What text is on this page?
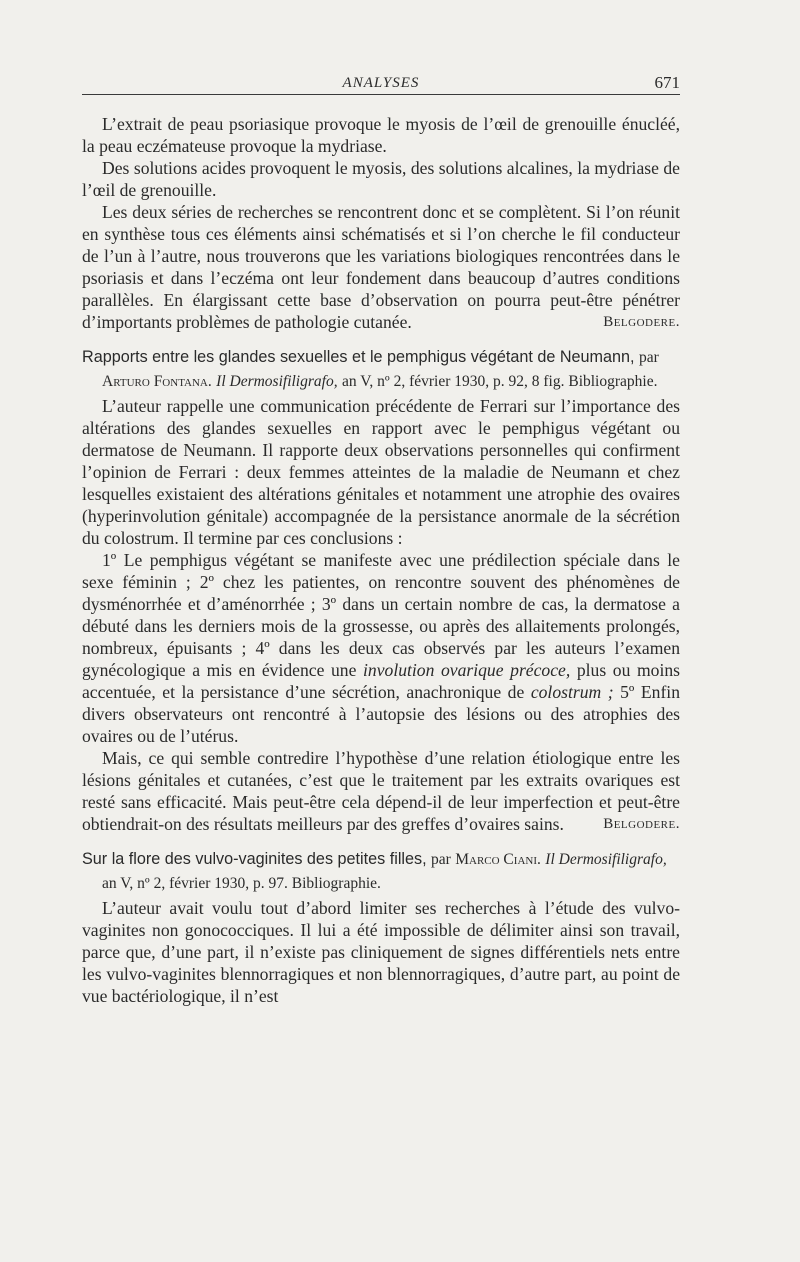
ANALYSES	671

L’extrait de peau psoriasique provoque le myosis de l’œil de grenouille énucléé, la peau eczémateuse provoque la mydriase.

Des solutions acides provoquent le myosis, des solutions alcalines, la mydriase de l’œil de grenouille.

Les deux séries de recherches se rencontrent donc et se complètent. Si l’on réunit en synthèse tous ces éléments ainsi schématisés et si l’on cherche le fil conducteur de l’un à l’autre, nous trouverons que les variations biologiques rencontrées dans le psoriasis et dans l’eczéma ont leur fondement dans beaucoup d’autres conditions parallèles. En élargissant cette base d’observation on pourra peut-être pénétrer d’importants problèmes de pathologie cutanée.	Belgodere.

Rapports entre les glandes sexuelles et le pemphigus végétant de Neumann, par Arturo Fontana. Il Dermosifiligrafo, an V, nº 2, février 1930, p. 92, 8 fig. Bibliographie.

L’auteur rappelle une communication précédente de Ferrari sur l’importance des altérations des glandes sexuelles en rapport avec le pemphigus végétant ou dermatose de Neumann. Il rapporte deux observations personnelles qui confirment l’opinion de Ferrari : deux femmes atteintes de la maladie de Neumann et chez lesquelles existaient des altérations génitales et notamment une atrophie des ovaires (hyperinvolution génitale) accompagnée de la persistance anormale de la sécrétion du colostrum. Il termine par ces conclusions :

1º Le pemphigus végétant se manifeste avec une prédilection spéciale dans le sexe féminin ; 2º chez les patientes, on rencontre souvent des phénomènes de dysménorrhée et d’aménorrhée ; 3º dans un certain nombre de cas, la dermatose a débuté dans les derniers mois de la grossesse, ou après des allaitements prolongés, nombreux, épuisants ; 4º dans les deux cas observés par les auteurs l’examen gynécologique a mis en évidence une involution ovarique précoce, plus ou moins accentuée, et la persistance d’une sécrétion, anachronique de colostrum ; 5º Enfin divers observateurs ont rencontré à l’autopsie des lésions ou des atrophies des ovaires ou de l’utérus.

Mais, ce qui semble contredire l’hypothèse d’une relation étiologique entre les lésions génitales et cutanées, c’est que le traitement par les extraits ovariques est resté sans efficacité. Mais peut-être cela dépend-il de leur imperfection et peut-être obtiendrait-on des résultats meilleurs par des greffes d’ovaires sains.	Belgodere.

Sur la flore des vulvo-vaginites des petites filles, par Marco Ciani. Il Dermosifiligrafo, an V, nº 2, février 1930, p. 97. Bibliographie.

L’auteur avait voulu tout d’abord limiter ses recherches à l’étude des vulvo-vaginites non gonococciques. Il lui a été impossible de délimiter ainsi son travail, parce que, d’une part, il n’existe pas cliniquement de signes différentiels nets entre les vulvo-vaginites blennorragiques et non blennorragiques, d’autre part, au point de vue bactériologique, il n’est
